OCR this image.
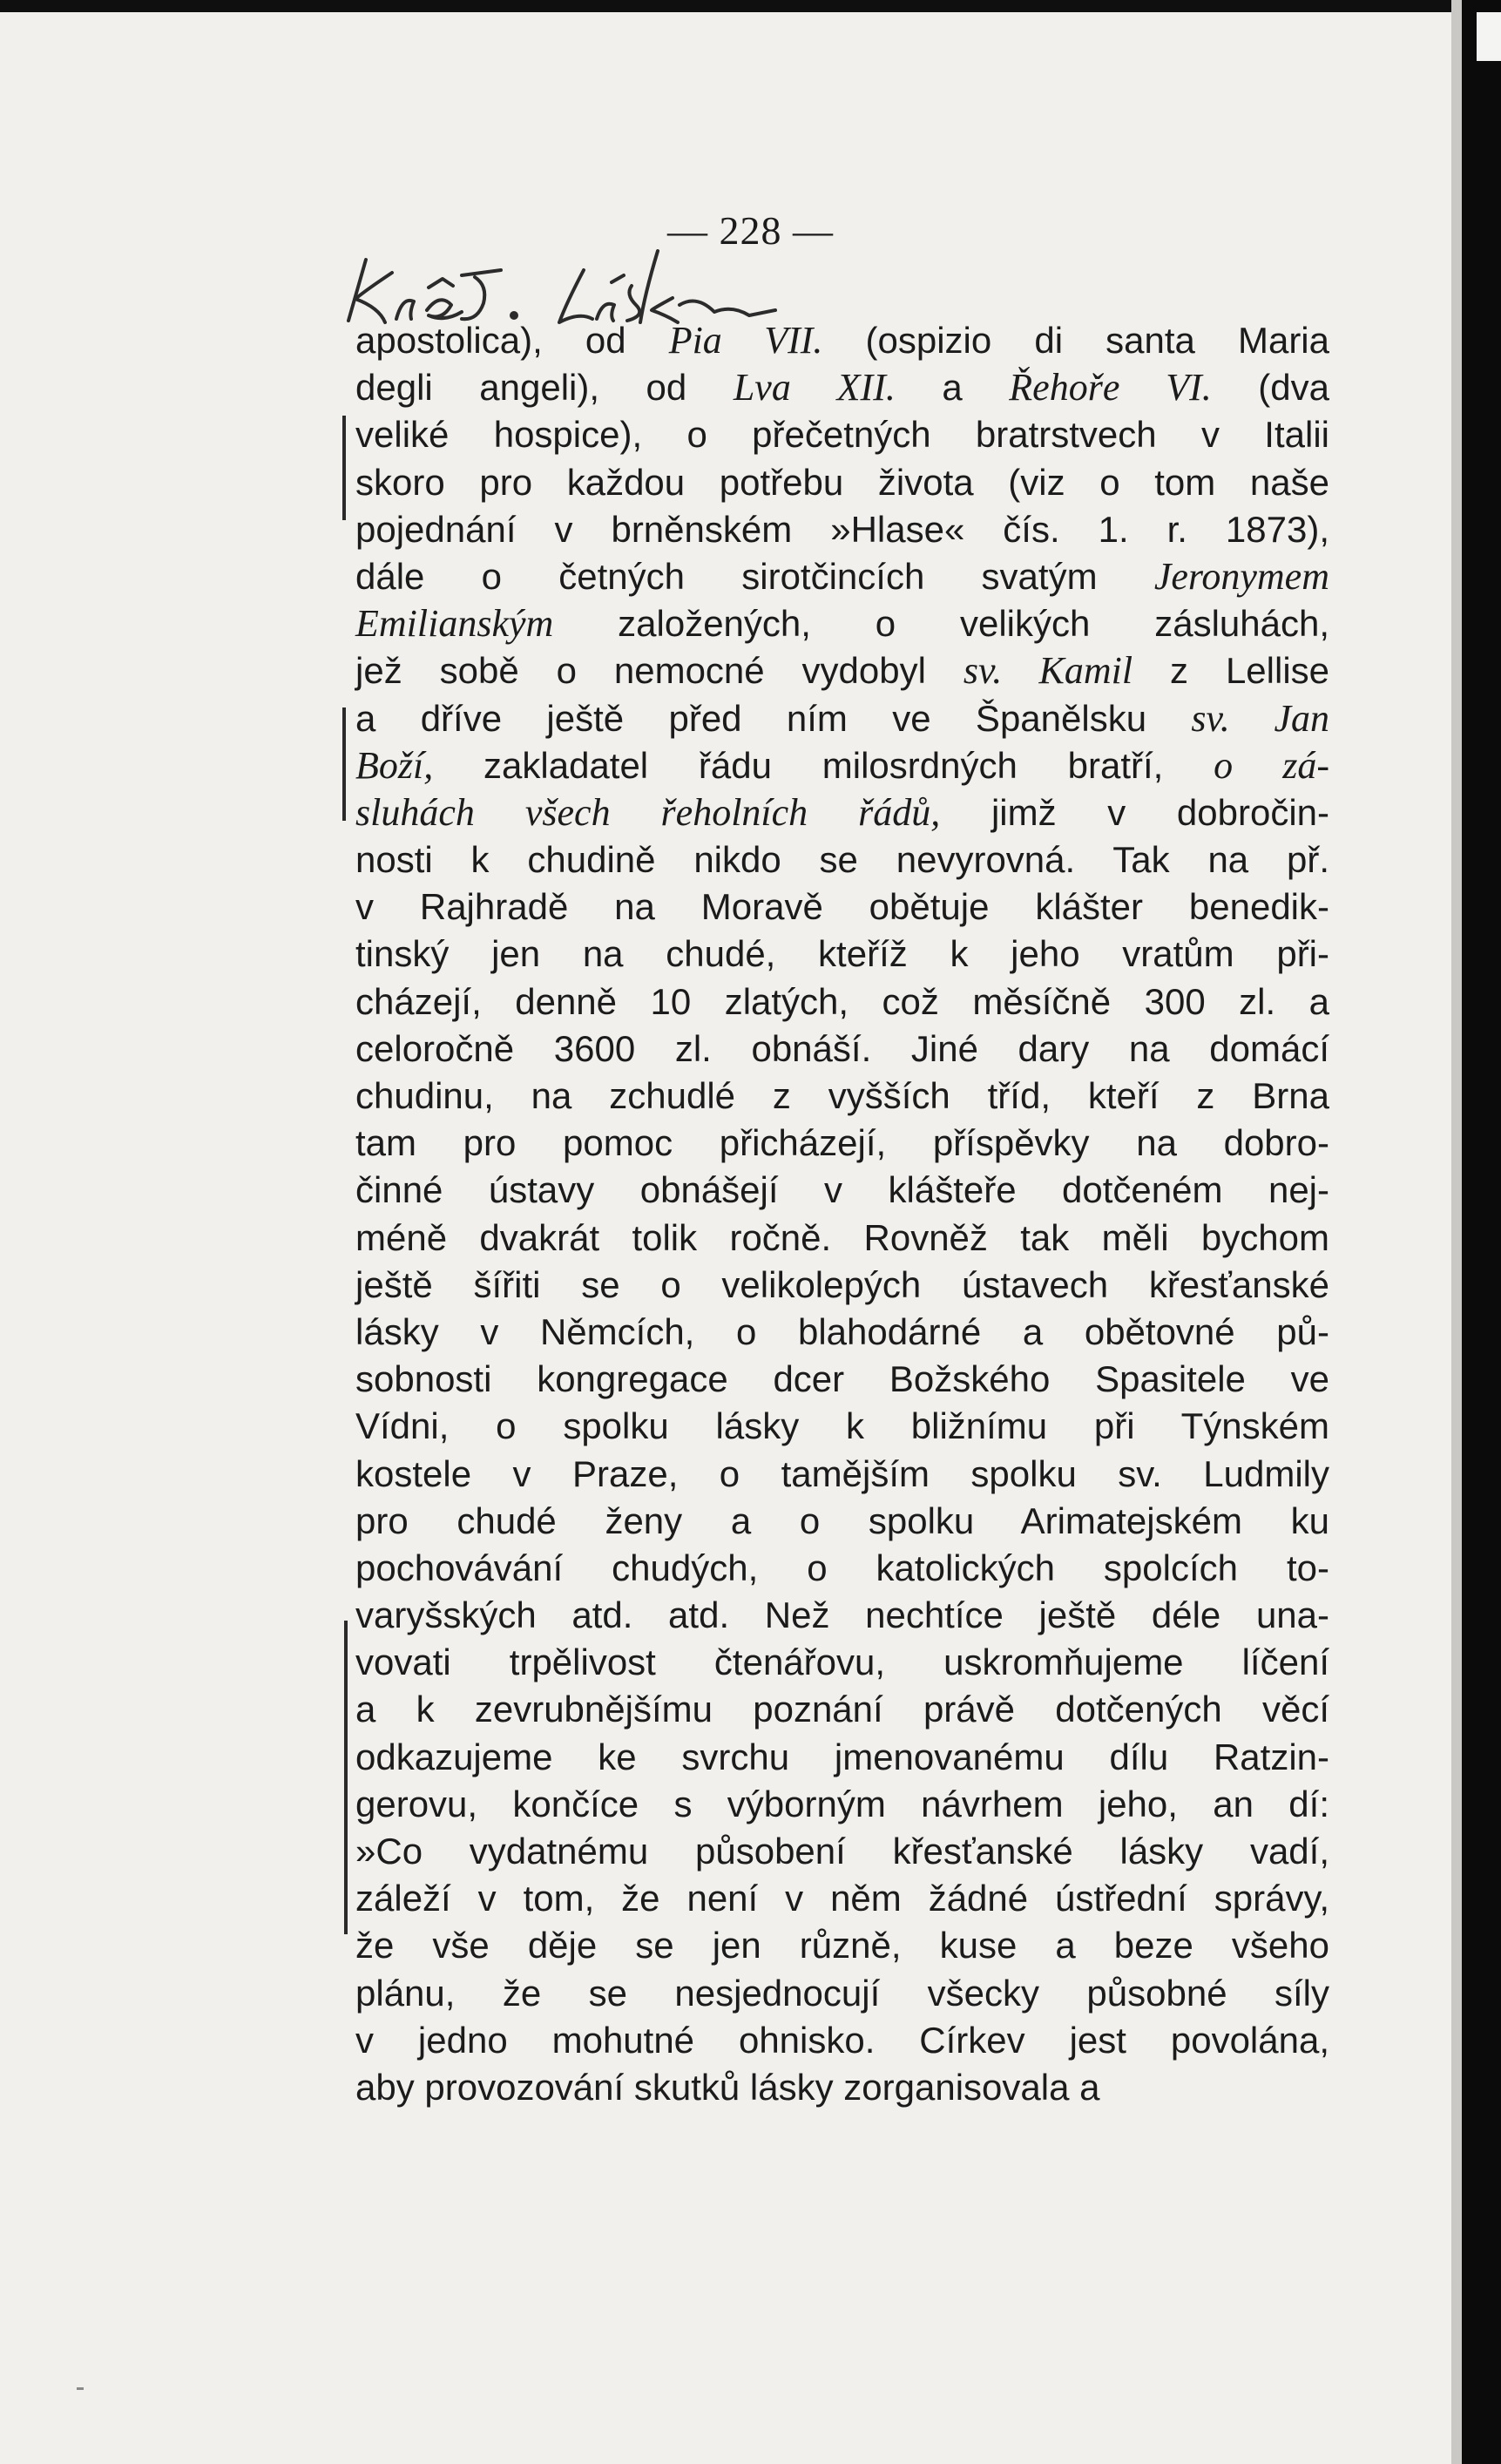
— 228 —
apostolica), od Pia VII. (ospizio di santa Maria
degli angeli), od Lva XII. a Řehoře VI. (dva
veliké hospice), o přečetných bratrstvech v Italii
skoro pro každou potřebu života (viz o tom naše
pojednání v brněnském »Hlase« čís. 1. r. 1873),
dále o četných sirotčincích svatým Jeronymem
Emilianským založených, o velikých zásluhách,
jež sobě o nemocné vydobyl sv. Kamil z Lellise
a dříve ještě před ním ve Španělsku sv. Jan
Boží, zakladatel řádu milosrdných bratří, o zá-
sluhách všech řeholních řádů, jimž v dobročin-
nosti k chudině nikdo se nevyrovná. Tak na př.
v Rajhradě na Moravě obětuje klášter benedik-
tinský jen na chudé, kteříž k jeho vratům při-
cházejí, denně 10 zlatých, což měsíčně 300 zl. a
celoročně 3600 zl. obnáší. Jiné dary na domácí
chudinu, na zchudlé z vyšších tříd, kteří z Brna
tam pro pomoc přicházejí, příspěvky na dobro-
činné ústavy obnášejí v klášteře dotčeném nej-
méně dvakrát tolik ročně. Rovněž tak měli bychom
ještě šířiti se o velikolepých ústavech křesťanské
lásky v Němcích, o blahodárné a obětovné pů-
sobnosti kongregace dcer Božského Spasitele ve
Vídni, o spolku lásky k bližnímu při Týnském
kostele v Praze, o tamějším spolku sv. Ludmily
pro chudé ženy a o spolku Arimatejském ku
pochovávání chudých, o katolických spolcích to-
varyšských atd. atd. Než nechtíce ještě déle una-
vovati trpělivost čtenářovu, uskromňujeme líčení
a k zevrubnějšímu poznání právě dotčených věcí
odkazujeme ke svrchu jmenovanému dílu Ratzin-
gerovu, končíce s výborným návrhem jeho, an dí:
»Co vydatnému působení křesťanské lásky vadí,
záleží v tom, že není v něm žádné ústřední správy,
že vše děje se jen různě, kuse a beze všeho
plánu, že se nesjednocují všecky působné síly
v jedno mohutné ohnisko. Církev jest povolána,
aby provozování skutků lásky zorganisovala a
